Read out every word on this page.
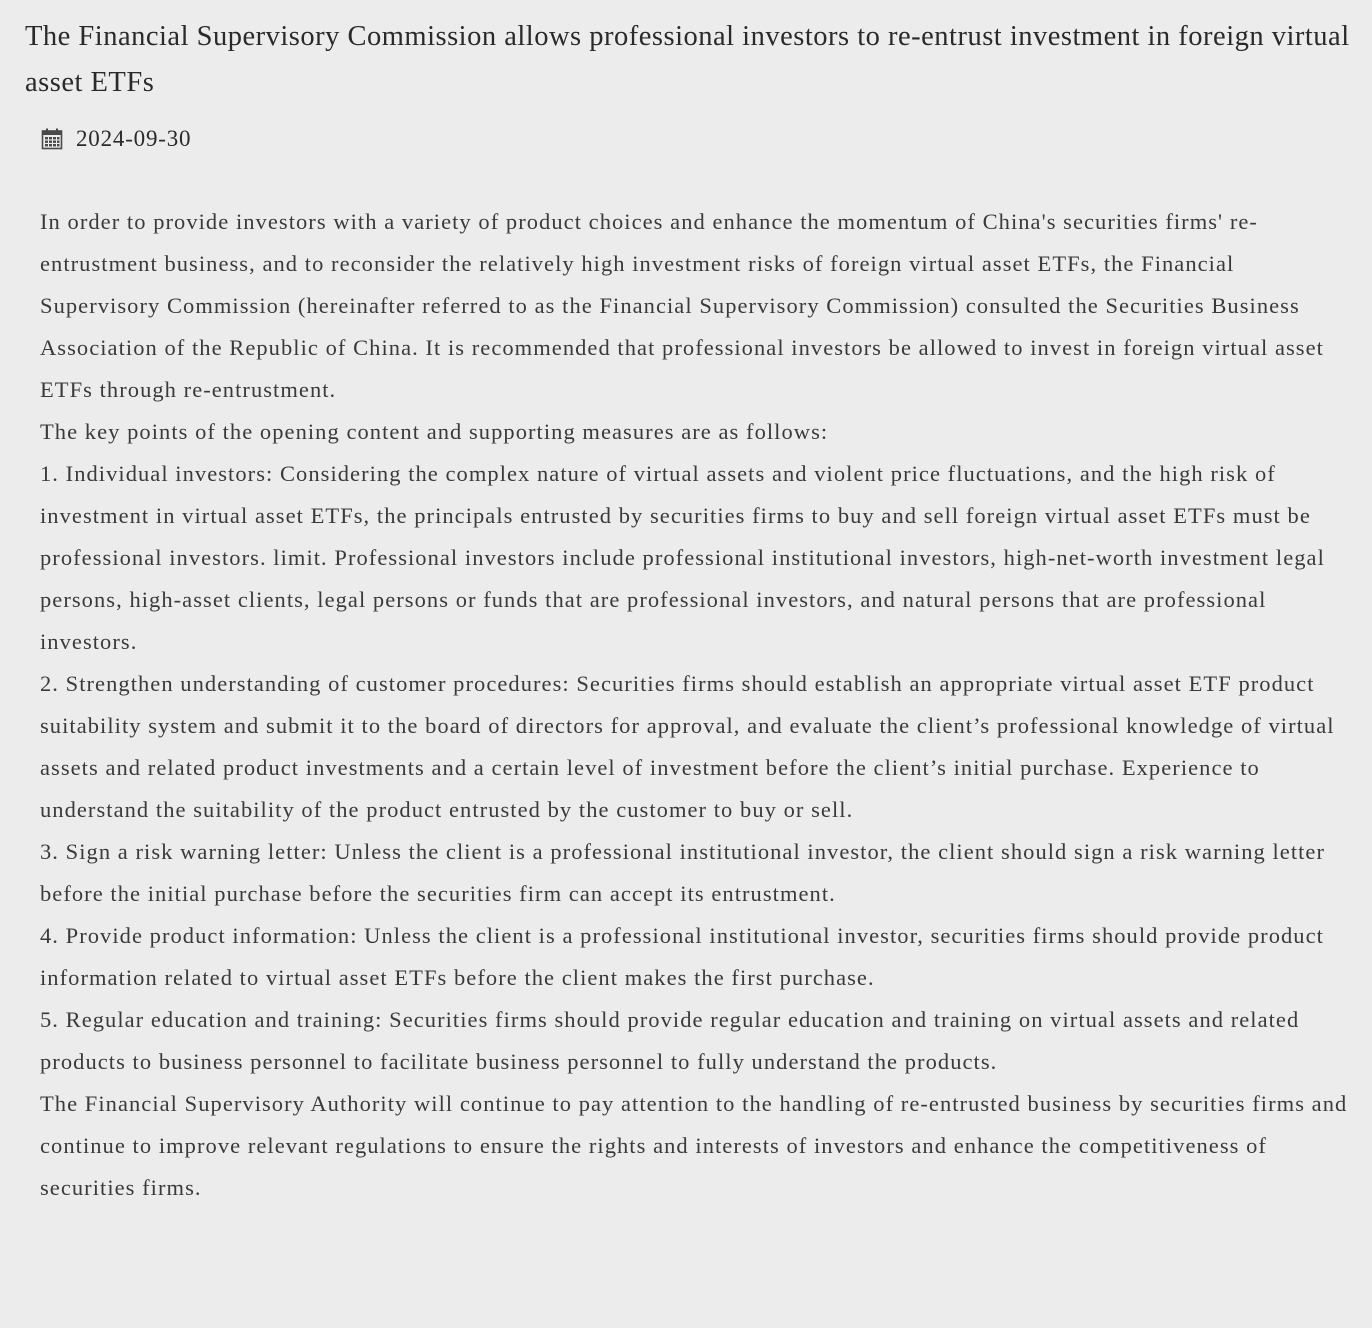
The Financial Supervisory Commission allows professional investors to re-entrust investment in foreign virtual asset ETFs
2024-09-30

In order to provide investors with a variety of product choices and enhance the momentum of China's securities firms' re-entrustment business, and to reconsider the relatively high investment risks of foreign virtual asset ETFs, the Financial Supervisory Commission (hereinafter referred to as the Financial Supervisory Commission) consulted the Securities Business Association of the Republic of China. It is recommended that professional investors be allowed to invest in foreign virtual asset ETFs through re-entrustment.

The key points of the opening content and supporting measures are as follows:

1. Individual investors: Considering the complex nature of virtual assets and violent price fluctuations, and the high risk of investment in virtual asset ETFs, the principals entrusted by securities firms to buy and sell foreign virtual asset ETFs must be professional investors. limit. Professional investors include professional institutional investors, high-net-worth investment legal persons, high-asset clients, legal persons or funds that are professional investors, and natural persons that are professional investors.

2. Strengthen understanding of customer procedures: Securities firms should establish an appropriate virtual asset ETF product suitability system and submit it to the board of directors for approval, and evaluate the client’s professional knowledge of virtual assets and related product investments and a certain level of investment before the client’s initial purchase. Experience to understand the suitability of the product entrusted by the customer to buy or sell.

3. Sign a risk warning letter: Unless the client is a professional institutional investor, the client should sign a risk warning letter before the initial purchase before the securities firm can accept its entrustment.

4. Provide product information: Unless the client is a professional institutional investor, securities firms should provide product information related to virtual asset ETFs before the client makes the first purchase.

5. Regular education and training: Securities firms should provide regular education and training on virtual assets and related products to business personnel to facilitate business personnel to fully understand the products.

The Financial Supervisory Authority will continue to pay attention to the handling of re-entrusted business by securities firms and continue to improve relevant regulations to ensure the rights and interests of investors and enhance the competitiveness of securities firms.
